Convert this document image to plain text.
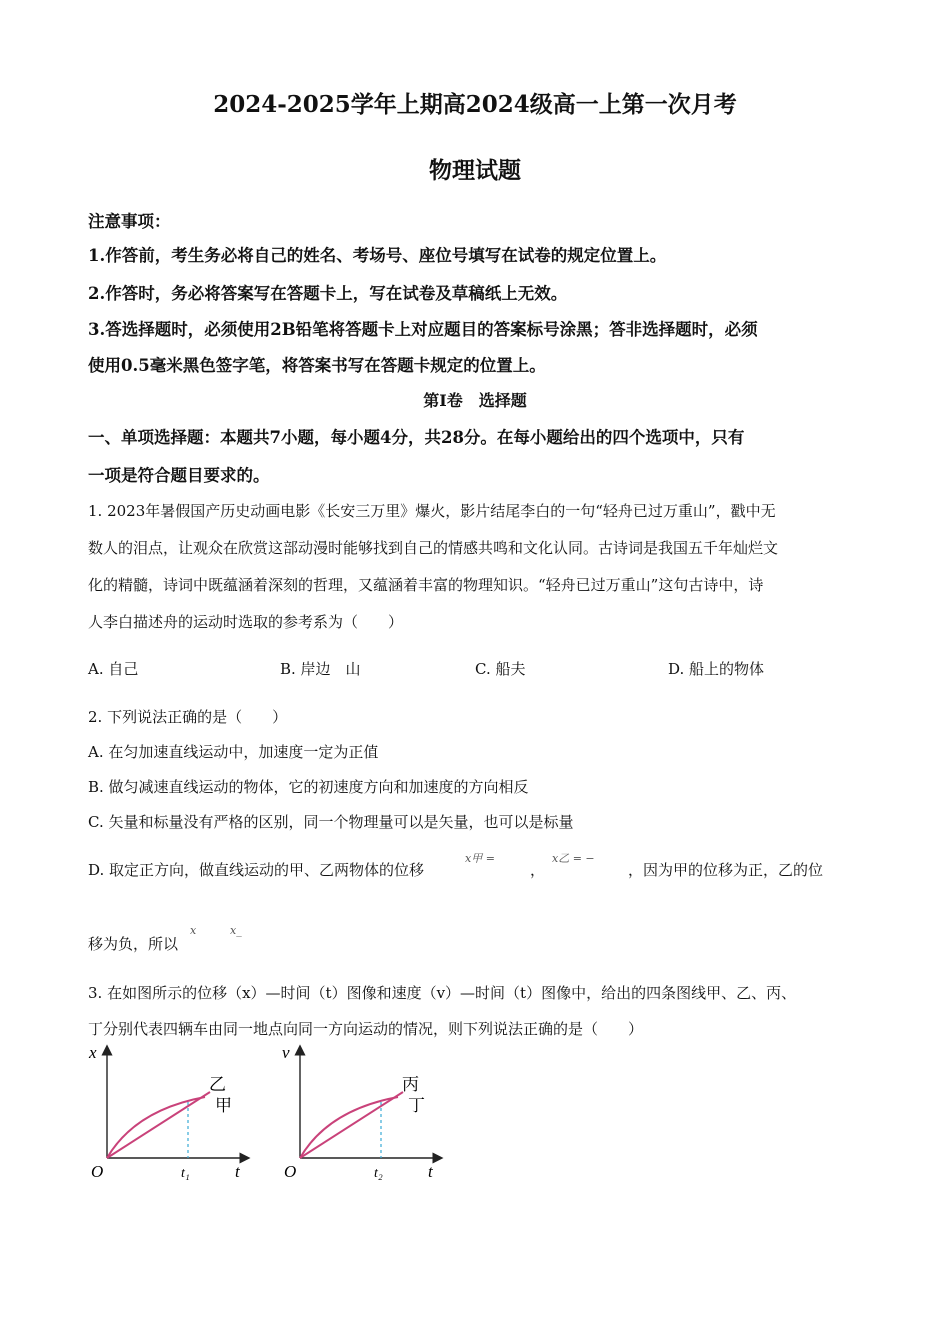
2024-2025学年上期高2024级高一上第一次月考
物理试题
注意事项：
1.作答前，考生务必将自己的姓名、考场号、座位号填写在试卷的规定位置上。
2.作答时，务必将答案写在答题卡上，写在试卷及草稿纸上无效。
3.答选择题时，必须使用2B铅笔将答题卡上对应题目的答案标号涂黑；答非选择题时，必须
使用0.5毫米黑色签字笔，将答案书写在答题卡规定的位置上。
第Ⅰ卷　选择题
一、单项选择题：本题共7小题，每小题4分，共28分。在每小题给出的四个选项中，只有
一项是符合题目要求的。
1. 2023年暑假国产历史动画电影《长安三万里》爆火，影片结尾李白的一句“轻舟已过万重山”，戳中无
数人的泪点，让观众在欣赏这部动漫时能够找到自己的情感共鸣和文化认同。古诗词是我国五千年灿烂文
化的精髓，诗词中既蕴涵着深刻的哲理，又蕴涵着丰富的物理知识。“轻舟已过万重山”这句古诗中，诗
人李白描述舟的运动时选取的参考系为（　　）
A. 自己	B. 岸边　山	C. 船夫	D. 船上的物体
2. 下列说法正确的是（　　）
A. 在匀加速直线运动中，加速度一定为正值
B. 做匀减速直线运动的物体，它的初速度方向和加速度的方向相反
C. 矢量和标量没有严格的区别，同一个物理量可以是矢量，也可以是标量
D. 取定正方向，做直线运动的甲、乙两物体的位移
x甲 =
，
x乙 = −
，因为甲的位移为正，乙的位
移为负，所以
x	x_
3. 在如图所示的位移（x）—时间（t）图像和速度（v）—时间（t）图像中，给出的四条图线甲、乙、丙、
丁分别代表四辆车由同一地点向同一方向运动的情况，则下列说法正确的是（　　）
x
t
O	t₁
乙
甲
v
t
O	t₂
丙
丁
